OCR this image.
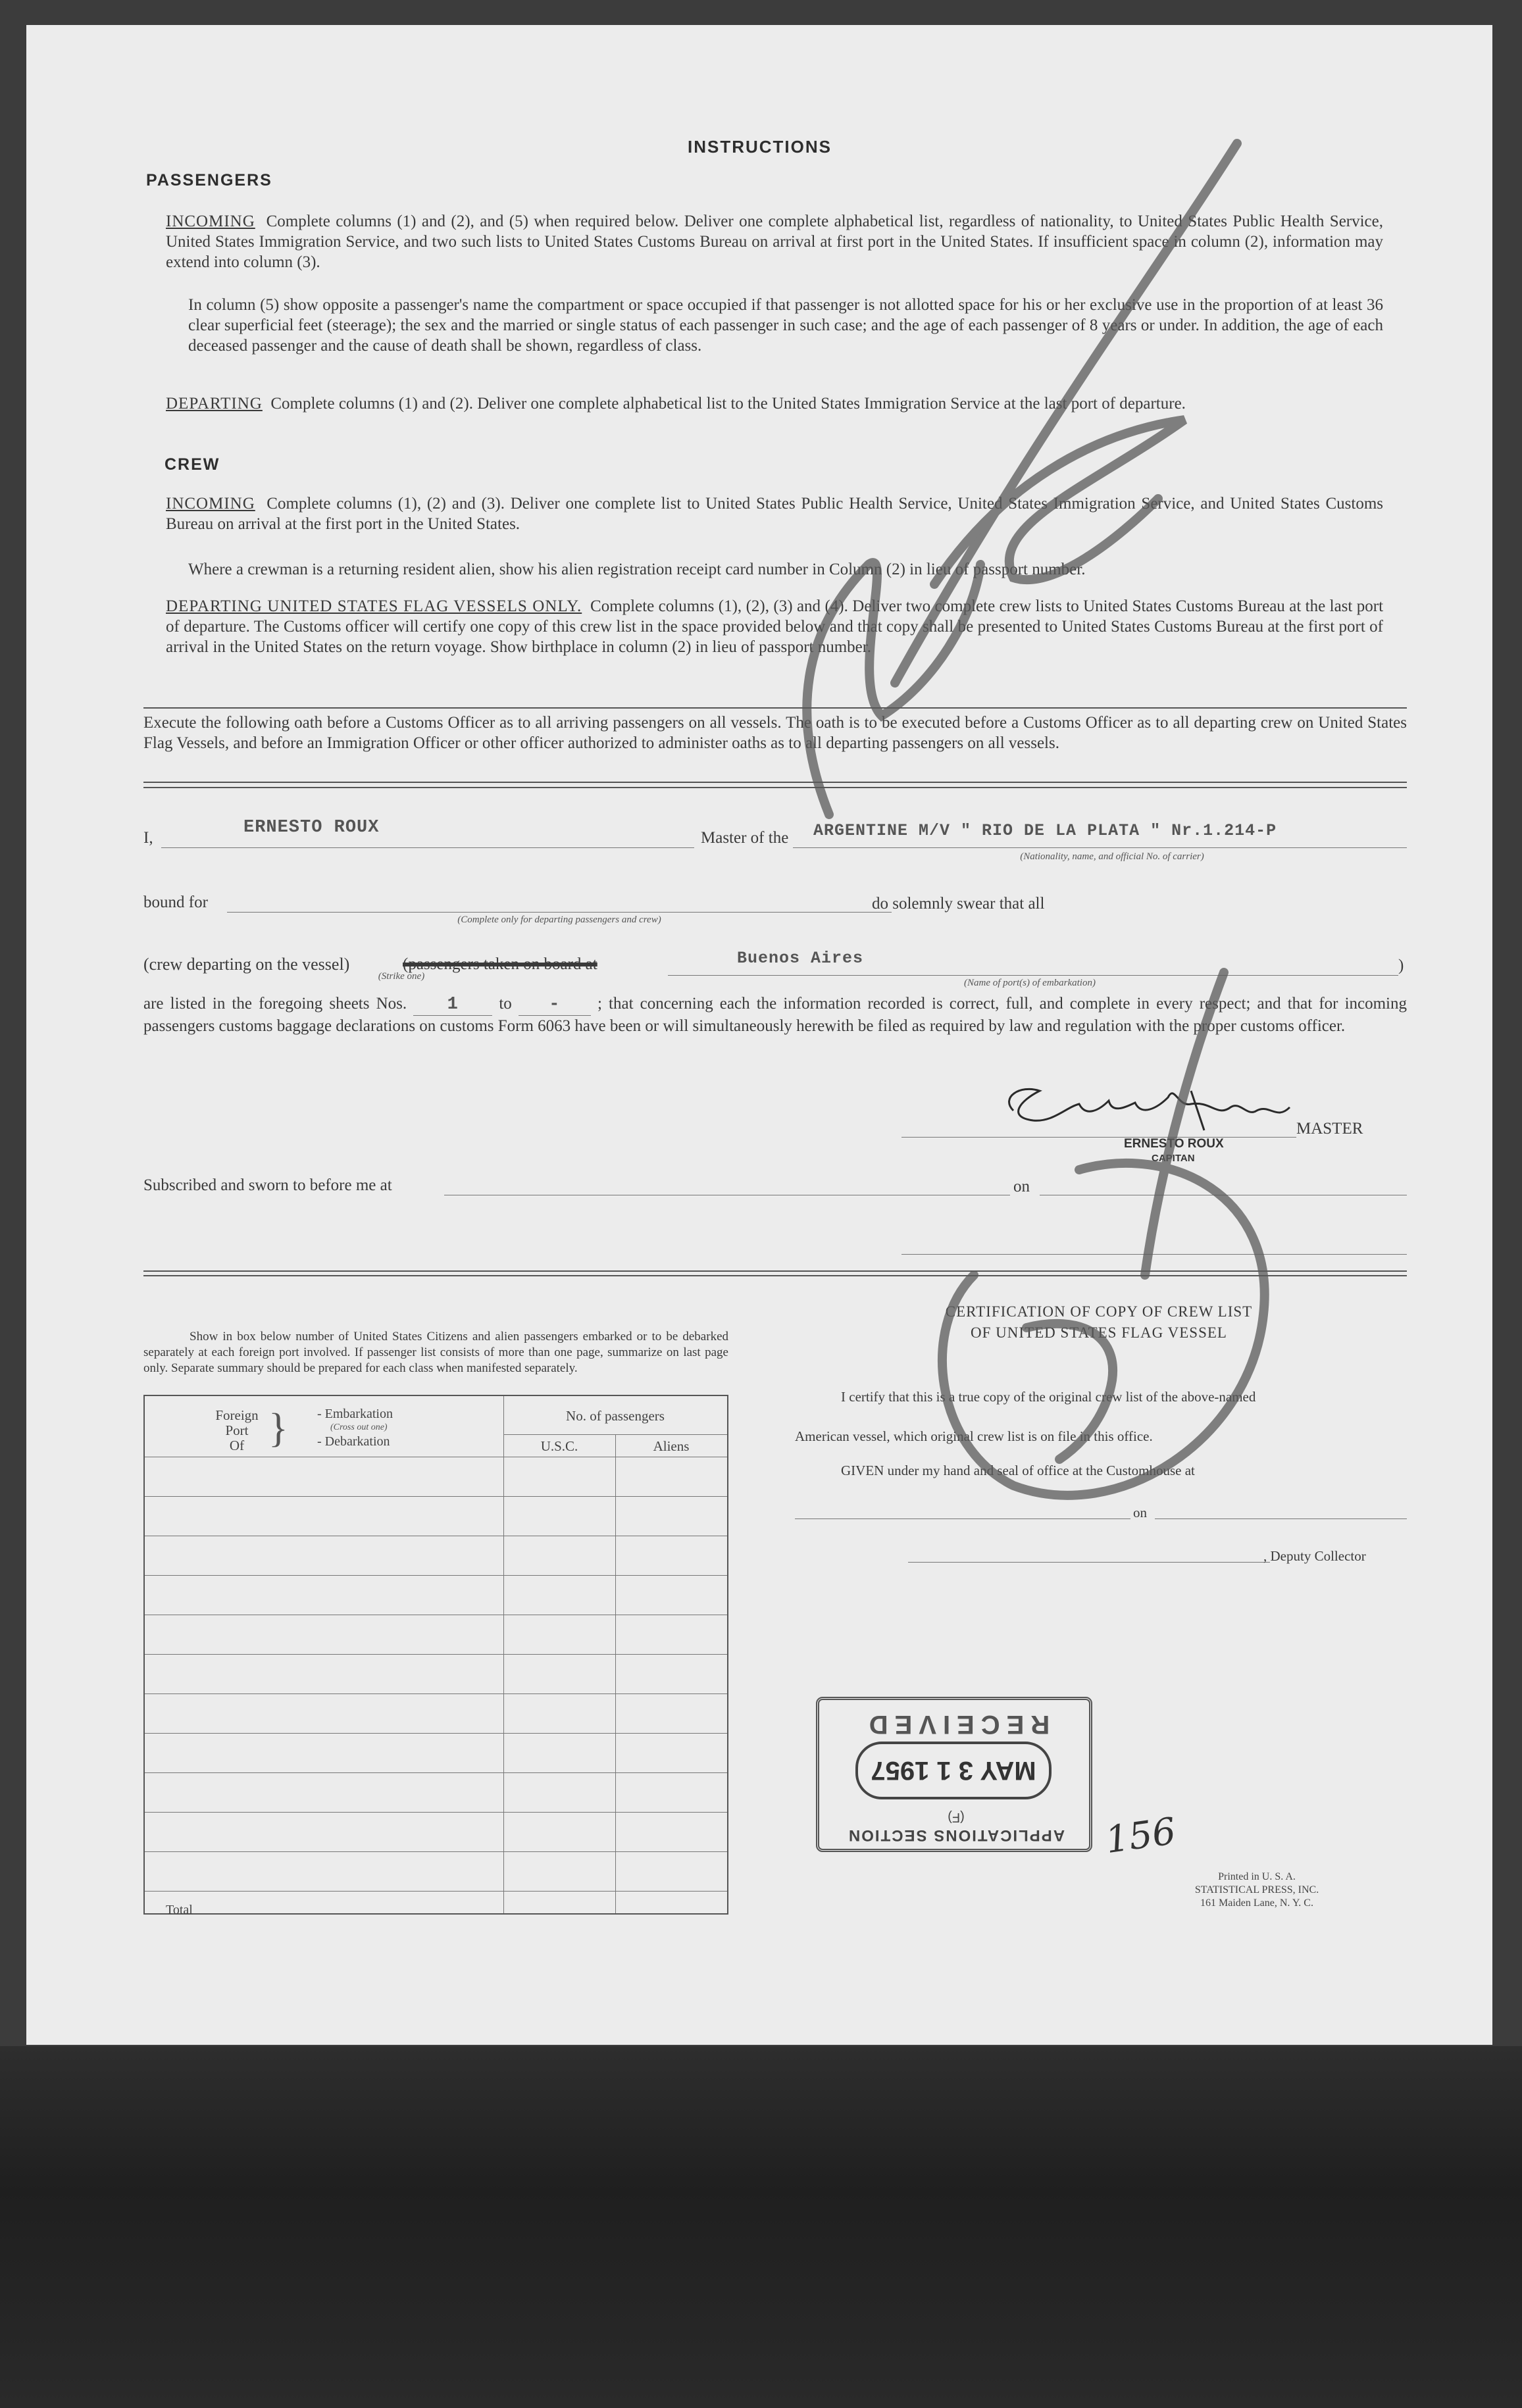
INSTRUCTIONS
PASSENGERS
INCOMING Complete columns (1) and (2), and (5) when required below. Deliver one complete alphabetical list, regardless of nationality, to United States Public Health Service, United States Immigration Service, and two such lists to United States Customs Bureau on arrival at first port in the United States. If insufficient space in column (2), information may extend into column (3).
In column (5) show opposite a passenger's name the compartment or space occupied if that passenger is not allotted space for his or her exclusive use in the proportion of at least 36 clear superficial feet (steerage); the sex and the married or single status of each passenger in such case; and the age of each passenger of 8 years or under. In addition, the age of each deceased passenger and the cause of death shall be shown, regardless of class.
DEPARTING Complete columns (1) and (2). Deliver one complete alphabetical list to the United States Immigration Service at the last port of departure.
CREW
INCOMING Complete columns (1), (2) and (3). Deliver one complete list to United States Public Health Service, United States Immigration Service, and United States Customs Bureau on arrival at the first port in the United States.
Where a crewman is a returning resident alien, show his alien registration receipt card number in Column (2) in lieu of passport number.
DEPARTING UNITED STATES FLAG VESSELS ONLY. Complete columns (1), (2), (3) and (4). Deliver two complete crew lists to United States Customs Bureau at the last port of departure. The Customs officer will certify one copy of this crew list in the space provided below and that copy shall be presented to United States Customs Bureau at the first port of arrival in the United States on the return voyage. Show birthplace in column (2) in lieu of passport number.
Execute the following oath before a Customs Officer as to all arriving passengers on all vessels. The oath is to be executed before a Customs Officer as to all departing crew on United States Flag Vessels, and before an Immigration Officer or other officer authorized to administer oaths as to all departing passengers on all vessels.
I,
ERNESTO ROUX
Master of the ARGENTINE M/V " RIO DE LA PLATA " Nr.1.214-P
(Nationality, name, and official No. of carrier)
bound for
(Complete only for departing passengers and crew)
do solemnly swear that all
(crew departing on the vessel)	(passengers taken on board at
(Strike one)
Buenos Aires
(Name of port(s) of embarkation)
)
are listed in the foregoing sheets Nos. 1 to - ; that concerning each the information recorded is correct, full, and complete in every respect; and that for incoming passengers customs baggage declarations on customs Form 6063 have been or will simultaneously herewith be filed as required by law and regulation with the proper customs officer.
ERNESTO ROUX
CAPITAN
MASTER
Subscribed and sworn to before me at	on
Show in box below number of United States Citizens and alien passengers embarked or to be debarked separately at each foreign port involved. If passenger list consists of more than one page, summarize on last page only. Separate summary should be prepared for each class when manifested separately.
Foreign
Port
Of } - Embarkation
(Cross out one)
- Debarkation
No. of passengers
U.S.C.	Aliens
Total
CERTIFICATION OF COPY OF CREW LIST
OF UNITED STATES FLAG VESSEL
I certify that this is a true copy of the original crew list of the above-named
American vessel, which original crew list is on file in this office.
GIVEN under my hand and seal of office at the Customhouse at
on
, Deputy Collector
APPLICATIONS SECTION
(F)
MAY 3 1 1957
RECEIVED
156
Printed in U. S. A.
STATISTICAL PRESS, INC.
161 Maiden Lane, N. Y. C.
